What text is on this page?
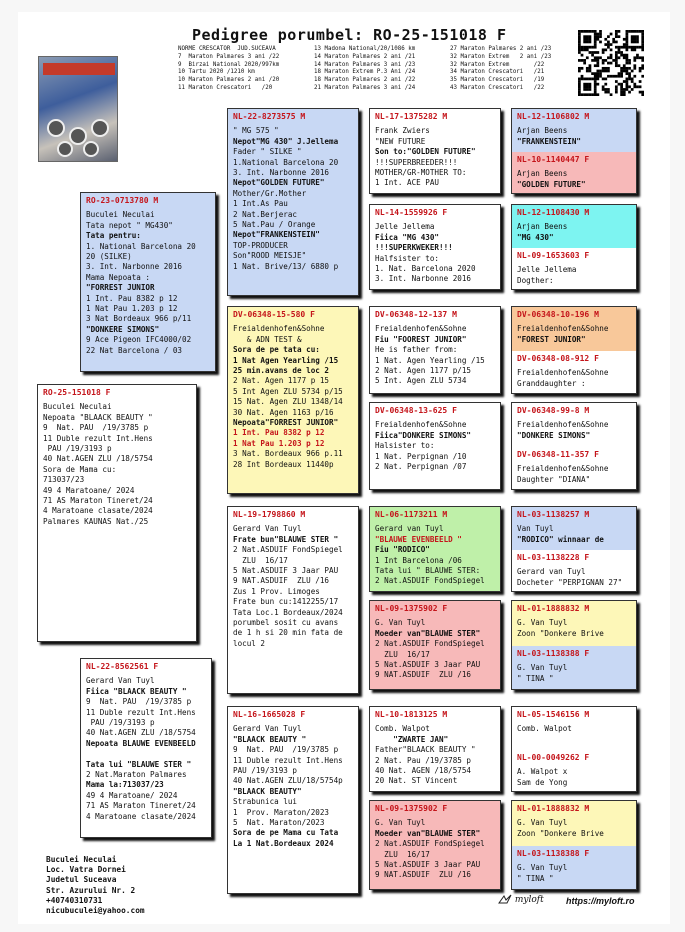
Pedigree porumbel: RO-25-151018 F

NORME CRESCATOR  JUD.SUCEAVA
7  Maraton Palmares 3 ani /22
9  Birzai National 2020/997km
10 Tartu 2020 /1210 km
10 Maraton Palmares 2 ani /20
11 Maraton Crescatori   /20

13 Madona National/20/1086 km
14 Maraton Palmares 2 ani /21
14 Maraton Palmares 3 ani /23
18 Maraton Extrem P.3 Ani /24
18 Maraton Palmares 2 ani /22
21 Maraton Palmares 3 ani /24

27 Maraton Palmares 2 ani /23
32 Maraton Extrem   2 ani /23
32 Maraton Extrem       /22
34 Maraton Crescatori   /21
35 Maraton Crescatori   /19
43 Maraton Crescatori   /22

RO-25-151018 F
Buculei Neculai
Nepoata "BLAACK BEAUTY "
9  Nat. PAU  /19/3785 p
11 Duble rezult Int.Hens
PAU /19/3193 p
40 Nat.AGEN ZLU /18/5754
Sora de Mama cu:
713037/23
49 4 Maratoane/ 2024
71 AS Maraton Tineret/24
4 Maratoane clasate/2024
Palmares KAUNAS Nat./25
RO-23-0713780 M
Buculei Neculai
Tata nepot " MG430"
Tata pentru:
1. National Barcelona 20
20 (SILKE)
3. Int. Narbonne 2016
Mama Nepoata :
"FORREST JUNIOR
1 Int. Pau 8382 p 12
1 Nat Pau 1.203 p 12
3 Nat Bordeaux 966 p/11
"DONKERE SIMONS"
9 Ace Pigeon IFC4000/02
22 Nat Barcelona / 03
NL-22-8562561 F
Gerard Van Tuyl
Fiica "BLAACK BEAUTY "
9  Nat. PAU  /19/3785 p
11 Duble rezult Int.Hens
PAU /19/3193 p
40 Nat.AGEN ZLU /18/5754
Nepoata BLAUWE EVENBEELD

Tata lui "BLAUWE STER "
2 Nat.Maraton Palmares
Mama la:713037/23
49 4 Maratoane/ 2024
71 AS Maraton Tineret/24
4 Maratoane clasate/2024
NL-22-8273575 M
" MG 575 "
Nepot"MG 430" J.Jellema
Fader " SILKE "
1.National Barcelona 20
3. Int. Narbonne 2016
Nepot"GOLDEN FUTURE"
Mother/Gr.Mother
1 Int.As Pau
2 Nat.Berjerac
5 Nat.Pau / Orange
Nepot"FRANKENSTEIN"
TOP-PRODUCER
Son"ROOD MEISJE"
1 Nat. Brive/13/ 6880 p
DV-06348-15-580 F
Freialdenhofen&Sohne
& ADN TEST &
Sora de pe tata cu:
1 Nat Agen Yearling /15
25 min.avans de loc 2
2 Nat. Agen 1177 p 15
5 Int Agen ZLU 5734 p/15
15 Nat. Agen ZLU 1348/14
30 Nat. Agen 1163 p/16
Nepoata"FORREST JUNIOR"
1 Int. Pau 8382 p 12
1 Nat Pau 1.203 p 12
3 Nat. Bordeaux 966 p.11
28 Int Bordeaux 11440p
NL-19-1798860 M
Gerard Van Tuyl
Frate bun"BLAUWE STER "
2 Nat.ASDUIF FondSpiegel
ZLU  16/17
5 Nat.ASDUIF 3 Jaar PAU
9 NAT.ASDUIF  ZLU /16
Zus 1 Prov. Limoges
Frate bun cu:1412255/17
Tata Loc.1 Bordeaux/2024
porumbel sosit cu avans
de 1 h si 20 min fata de
locul 2
NL-16-1665028 F
Gerard Van Tuyl
"BLAACK BEAUTY "
9  Nat. PAU  /19/3785 p
11 Duble rezult Int.Hens
PAU /19/3193 p
40 Nat.AGEN ZLU/18/5754p
"BLAACK BEAUTY"
Strabunica lui
1  Prov. Maraton/2023
5  Nat. Maraton/2023
Sora de pe Mama cu Tata
La 1 Nat.Bordeaux 2024
NL-17-1375282 M
Frank Zwiers
"NEW FUTURE
Son to:"GOLDEN FUTURE"
!!!SUPERBREEDER!!!
MOTHER/GR-MOTHER TO:
1 Int. ACE PAU
NL-14-1559926 F
Jelle Jellema
Fiica "MG 430"
!!!SUPERKWEKER!!!
Halfsister to:
1. Nat. Barcelona 2020
3. Int. Narbonne 2016
DV-06348-12-137 M
Freialdenhofen&Sohne
Fiu "FOOREST JUNIOR"
He is father from:
1 Nat. Agen Yearling /15
2 Nat. Agen 1177 p/15
5 Int. Agen ZLU 5734
DV-06348-13-625 F
Freialdenhofen&Sohne
Fiica"DONKERE SIMONS"
Halsister to:
1 Nat. Perpignan /10
2 Nat. Perpignan /07
NL-06-1173211 M
Gerard van Tuyl
"BLAUWE EVENBEELD "
Fiu "RODICO"
1 Int Barcelona /06
Tata lui " BLAUWE STER:
2 Nat.ASDUIF FondSpiegel
NL-09-1375902 F
G. Van Tuyl
Moeder van"BLAUWE STER"
2 Nat.ASDUIF FondSpiegel
ZLU  16/17
5 Nat.ASDUIF 3 Jaar PAU
9 NAT.ASDUIF  ZLU /16
NL-10-1813125 M
Comb. Walpot
"ZWARTE JAN"
Father"BLAACK BEAUTY "
2 Nat. Pau /19/3785 p
40 Nat. AGEN /18/5754
20 Nat. ST Vincent
NL-09-1375902 F
G. Van Tuyl
Moeder van"BLAUWE STER"
2 Nat.ASDUIF FondSpiegel
ZLU  16/17
5 Nat.ASDUIF 3 Jaar PAU
9 NAT.ASDUIF  ZLU /16
NL-12-1106802 M
Arjan Beens
"FRANKENSTEIN"
NL-10-1140447 F
Arjan Beens
"GOLDEN FUTURE"
NL-12-1108430 M
Arjan Beens
"MG 430"
NL-09-1653603 F
Jelle Jellema
Dogther:
DV-06348-10-196 M
Freialdenhofen&Sohne
"FOREST JUNIOR"
DV-06348-08-912 F
Freialdenhofen&Sohne
Granddaughter :
DV-06348-99-8 M
Freialdenhofen&Sohne
"DONKERE SIMONS"
DV-06348-11-357 F
Freialdenhofen&Sohne
Daughter "DIANA"
NL-03-1138257 M
Van Tuyl
"RODICO" winnaar de
NL-03-1138228 F
Gerard van Tuyl
Docheter "PERPIGNAN 27"
NL-01-1888832 M
G. Van Tuyl
Zoon "Donkere Brive
NL-03-1138388 F
G. Van Tuyl
" TINA "
NL-05-1546156 M
Comb. Walpot
NL-00-0049262 F
A. Walpot x
Sam de Yong
NL-01-1888832 M
G. Van Tuyl
Zoon "Donkere Brive
NL-03-1138388 F
G. Van Tuyl
" TINA "
Buculei Neculai
Loc. Vatra Dornei
Judetul Suceava
Str. Azurului Nr. 2
+40740310731
nicubuculei@yahoo.com
myloft https://myloft.ro
